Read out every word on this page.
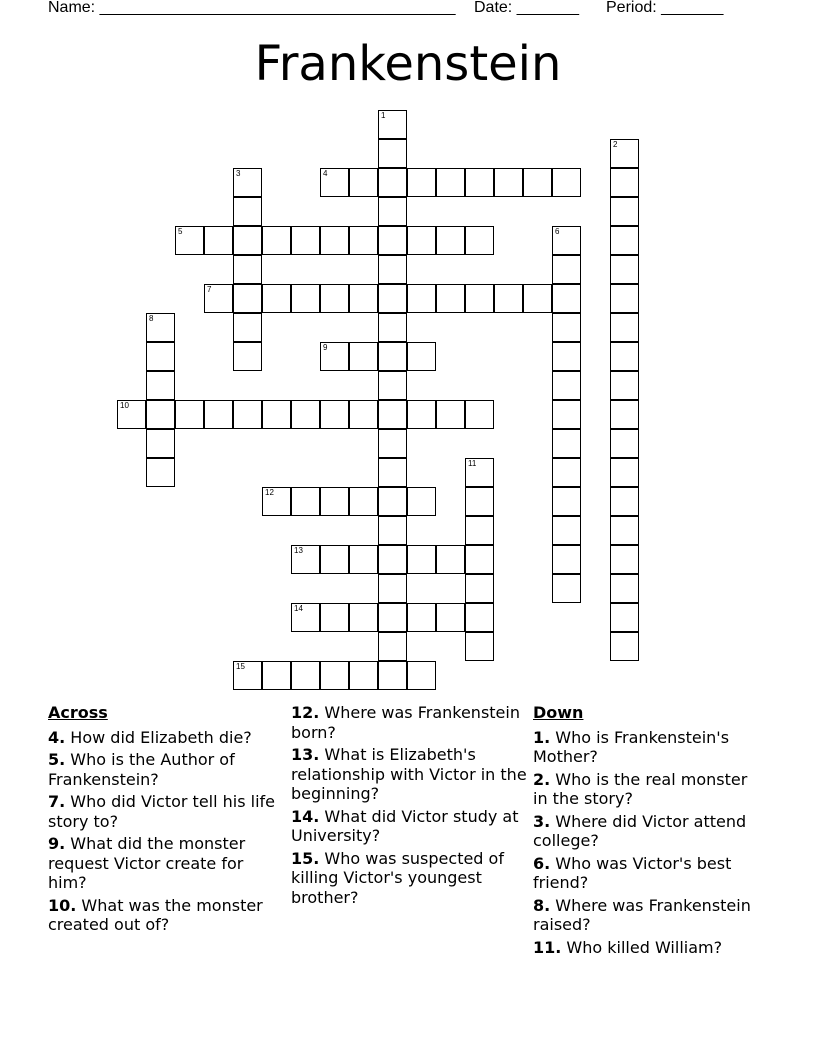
Name: ________________________________________ Date: _______ Period: _______
Frankenstein
1
2
3	4
5	6
7
8
9
10
11
12
13
14
15
Across
4. How did Elizabeth die?
5. Who is the Author of Frankenstein?
7. Who did Victor tell his life story to?
9. What did the monster request Victor create for him?
10. What was the monster created out of?
12. Where was Frankenstein born?
13. What is Elizabeth's relationship with Victor in the beginning?
14. What did Victor study at University?
15. Who was suspected of killing Victor's youngest brother?
Down
1. Who is Frankenstein's Mother?
2. Who is the real monster in the story?
3. Where did Victor attend college?
6. Who was Victor's best friend?
8. Where was Frankenstein raised?
11. Who killed William?
